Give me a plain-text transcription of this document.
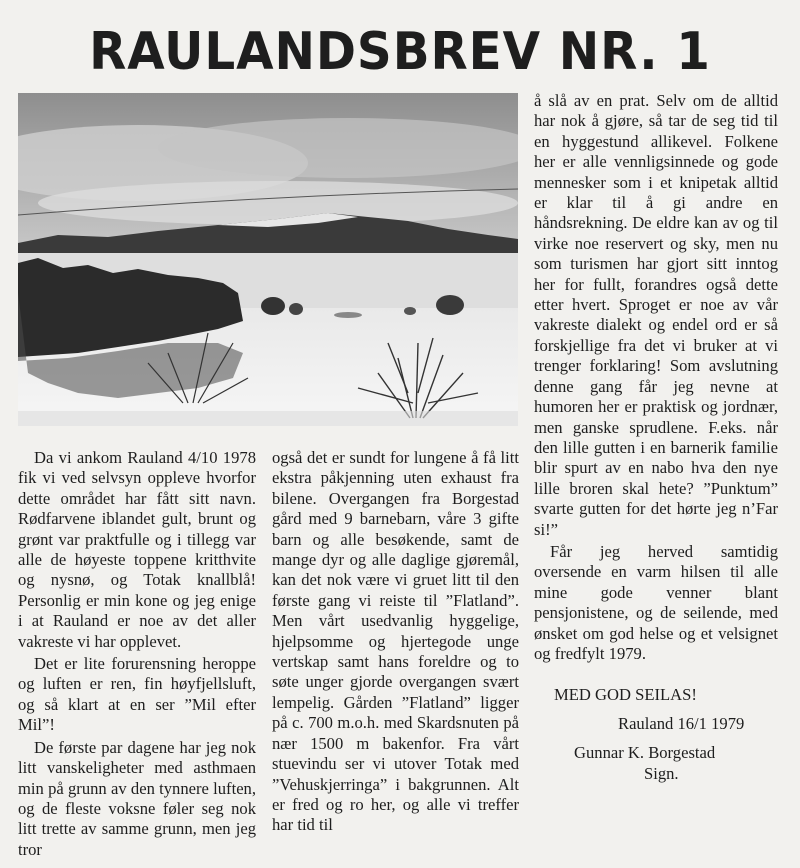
RAULANDSBREV NR. 1

Da vi ankom Rauland 4/10 1978 fik vi ved selvsyn oppleve hvorfor dette området har fått sitt navn. Rødfarvene iblandet gult, brunt og grønt var praktfulle og i tillegg var alle de høyeste toppene kritthvite og nysnø, og Totak knallblå! Personlig er min kone og jeg enige i at Rauland er noe av det aller vakreste vi har opplevet.

Det er lite forurensning heroppe og luften er ren, fin høyfjellsluft, og så klart at en ser ”Mil efter Mil”!

De første par dagene har jeg nok litt vanskeligheter med asthmaen min på grunn av den tynnere luften, og de fleste voksne føler seg nok litt trette av samme grunn, men jeg tror

også det er sundt for lungene å få litt ekstra påkjenning uten exhaust fra bilene. Overgangen fra Borgestad gård med 9 barnebarn, våre 3 gifte barn og alle besøkende, samt de mange dyr og alle daglige gjøremål, kan det nok være vi gruet litt til den første gang vi reiste til ”Flatland”. Men vårt usedvanlig hyggelige, hjelpsomme og hjertegode unge vertskap samt hans foreldre og to søte unger gjorde overgangen svært lempelig. Gården ”Flatland” ligger på c. 700 m.o.h. med Skardsnuten på nær 1500 m bakenfor. Fra vårt stuevindu ser vi utover Totak med ”Vehuskjerringa” i bakgrunnen. Alt er fred og ro her, og alle vi treffer har tid til

å slå av en prat. Selv om de alltid har nok å gjøre, så tar de seg tid til en hyggestund allikevel. Folkene her er alle vennligsinnede og gode mennesker som i et knipetak alltid er klar til å gi andre en håndsrekning. De eldre kan av og til virke noe reservert og sky, men nu som turismen har gjort sitt inntog her for fullt, forandres også dette etter hvert. Sproget er noe av vår vakreste dialekt og endel ord er så forskjellige fra det vi bruker at vi trenger forklaring! Som avslutning denne gang får jeg nevne at humoren her er praktisk og jordnær, men ganske sprudlene. F.eks. når den lille gutten i en barnerik familie blir spurt av en nabo hva den nye lille broren skal hete? ”Punktum” svarte gutten for det hørte jeg n’Far si!”

Får jeg herved samtidig oversende en varm hilsen til alle mine gode venner blant pensjonistene, og de seilende, med ønsket om god helse og et velsignet og fredfylt 1979.

MED GOD SEILAS!
Rauland 16/1 1979
Gunnar K. Borgestad
Sign.
